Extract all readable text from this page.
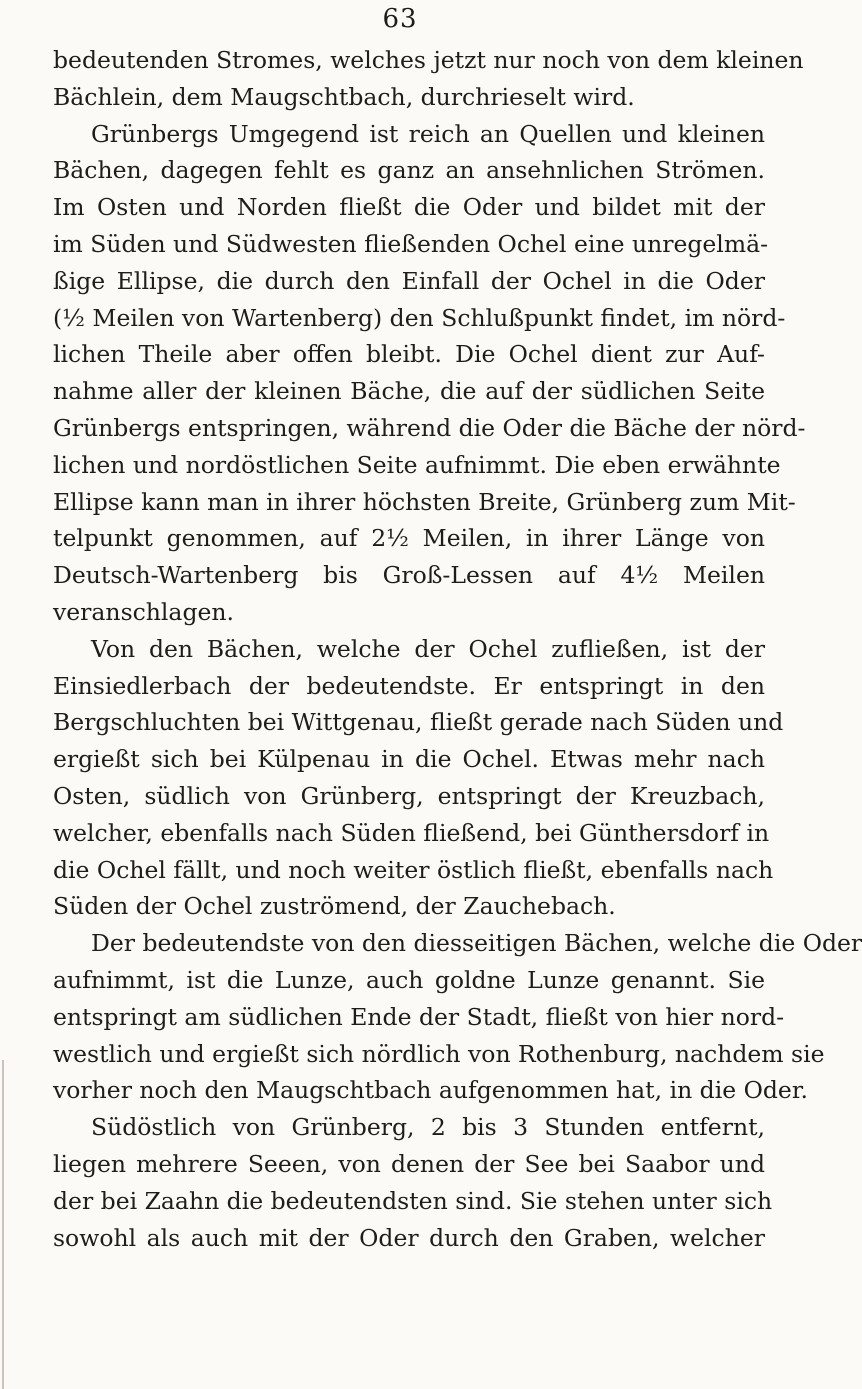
63
bedeutenden Stromes, welches jetzt nur noch von dem kleinen
Bächlein, dem Maugschtbach, durchrieselt wird.
Grünbergs Umgegend ist reich an Quellen und kleinen
Bächen, dagegen fehlt es ganz an ansehnlichen Strömen.
Im Osten und Norden fließt die Oder und bildet mit der
im Süden und Südwesten fließenden Ochel eine unregelmä-
ßige Ellipse, die durch den Einfall der Ochel in die Oder
(½ Meilen von Wartenberg) den Schlußpunkt findet, im nörd-
lichen Theile aber offen bleibt. Die Ochel dient zur Auf-
nahme aller der kleinen Bäche, die auf der südlichen Seite
Grünbergs entspringen, während die Oder die Bäche der nörd-
lichen und nordöstlichen Seite aufnimmt. Die eben erwähnte
Ellipse kann man in ihrer höchsten Breite, Grünberg zum Mit-
telpunkt genommen, auf 2½ Meilen, in ihrer Länge von
Deutsch-Wartenberg bis Groß-Lessen auf 4½ Meilen
veranschlagen.
Von den Bächen, welche der Ochel zufließen, ist der
Einsiedlerbach der bedeutendste. Er entspringt in den
Bergschluchten bei Wittgenau, fließt gerade nach Süden und
ergießt sich bei Külpenau in die Ochel. Etwas mehr nach
Osten, südlich von Grünberg, entspringt der Kreuzbach,
welcher, ebenfalls nach Süden fließend, bei Günthersdorf in
die Ochel fällt, und noch weiter östlich fließt, ebenfalls nach
Süden der Ochel zuströmend, der Zauchebach.
Der bedeutendste von den diesseitigen Bächen, welche die Oder
aufnimmt, ist die Lunze, auch goldne Lunze genannt. Sie
entspringt am südlichen Ende der Stadt, fließt von hier nord-
westlich und ergießt sich nördlich von Rothenburg, nachdem sie
vorher noch den Maugschtbach aufgenommen hat, in die Oder.
Südöstlich von Grünberg, 2 bis 3 Stunden entfernt,
liegen mehrere Seeen, von denen der See bei Saabor und
der bei Zaahn die bedeutendsten sind. Sie stehen unter sich
sowohl als auch mit der Oder durch den Graben, welcher
